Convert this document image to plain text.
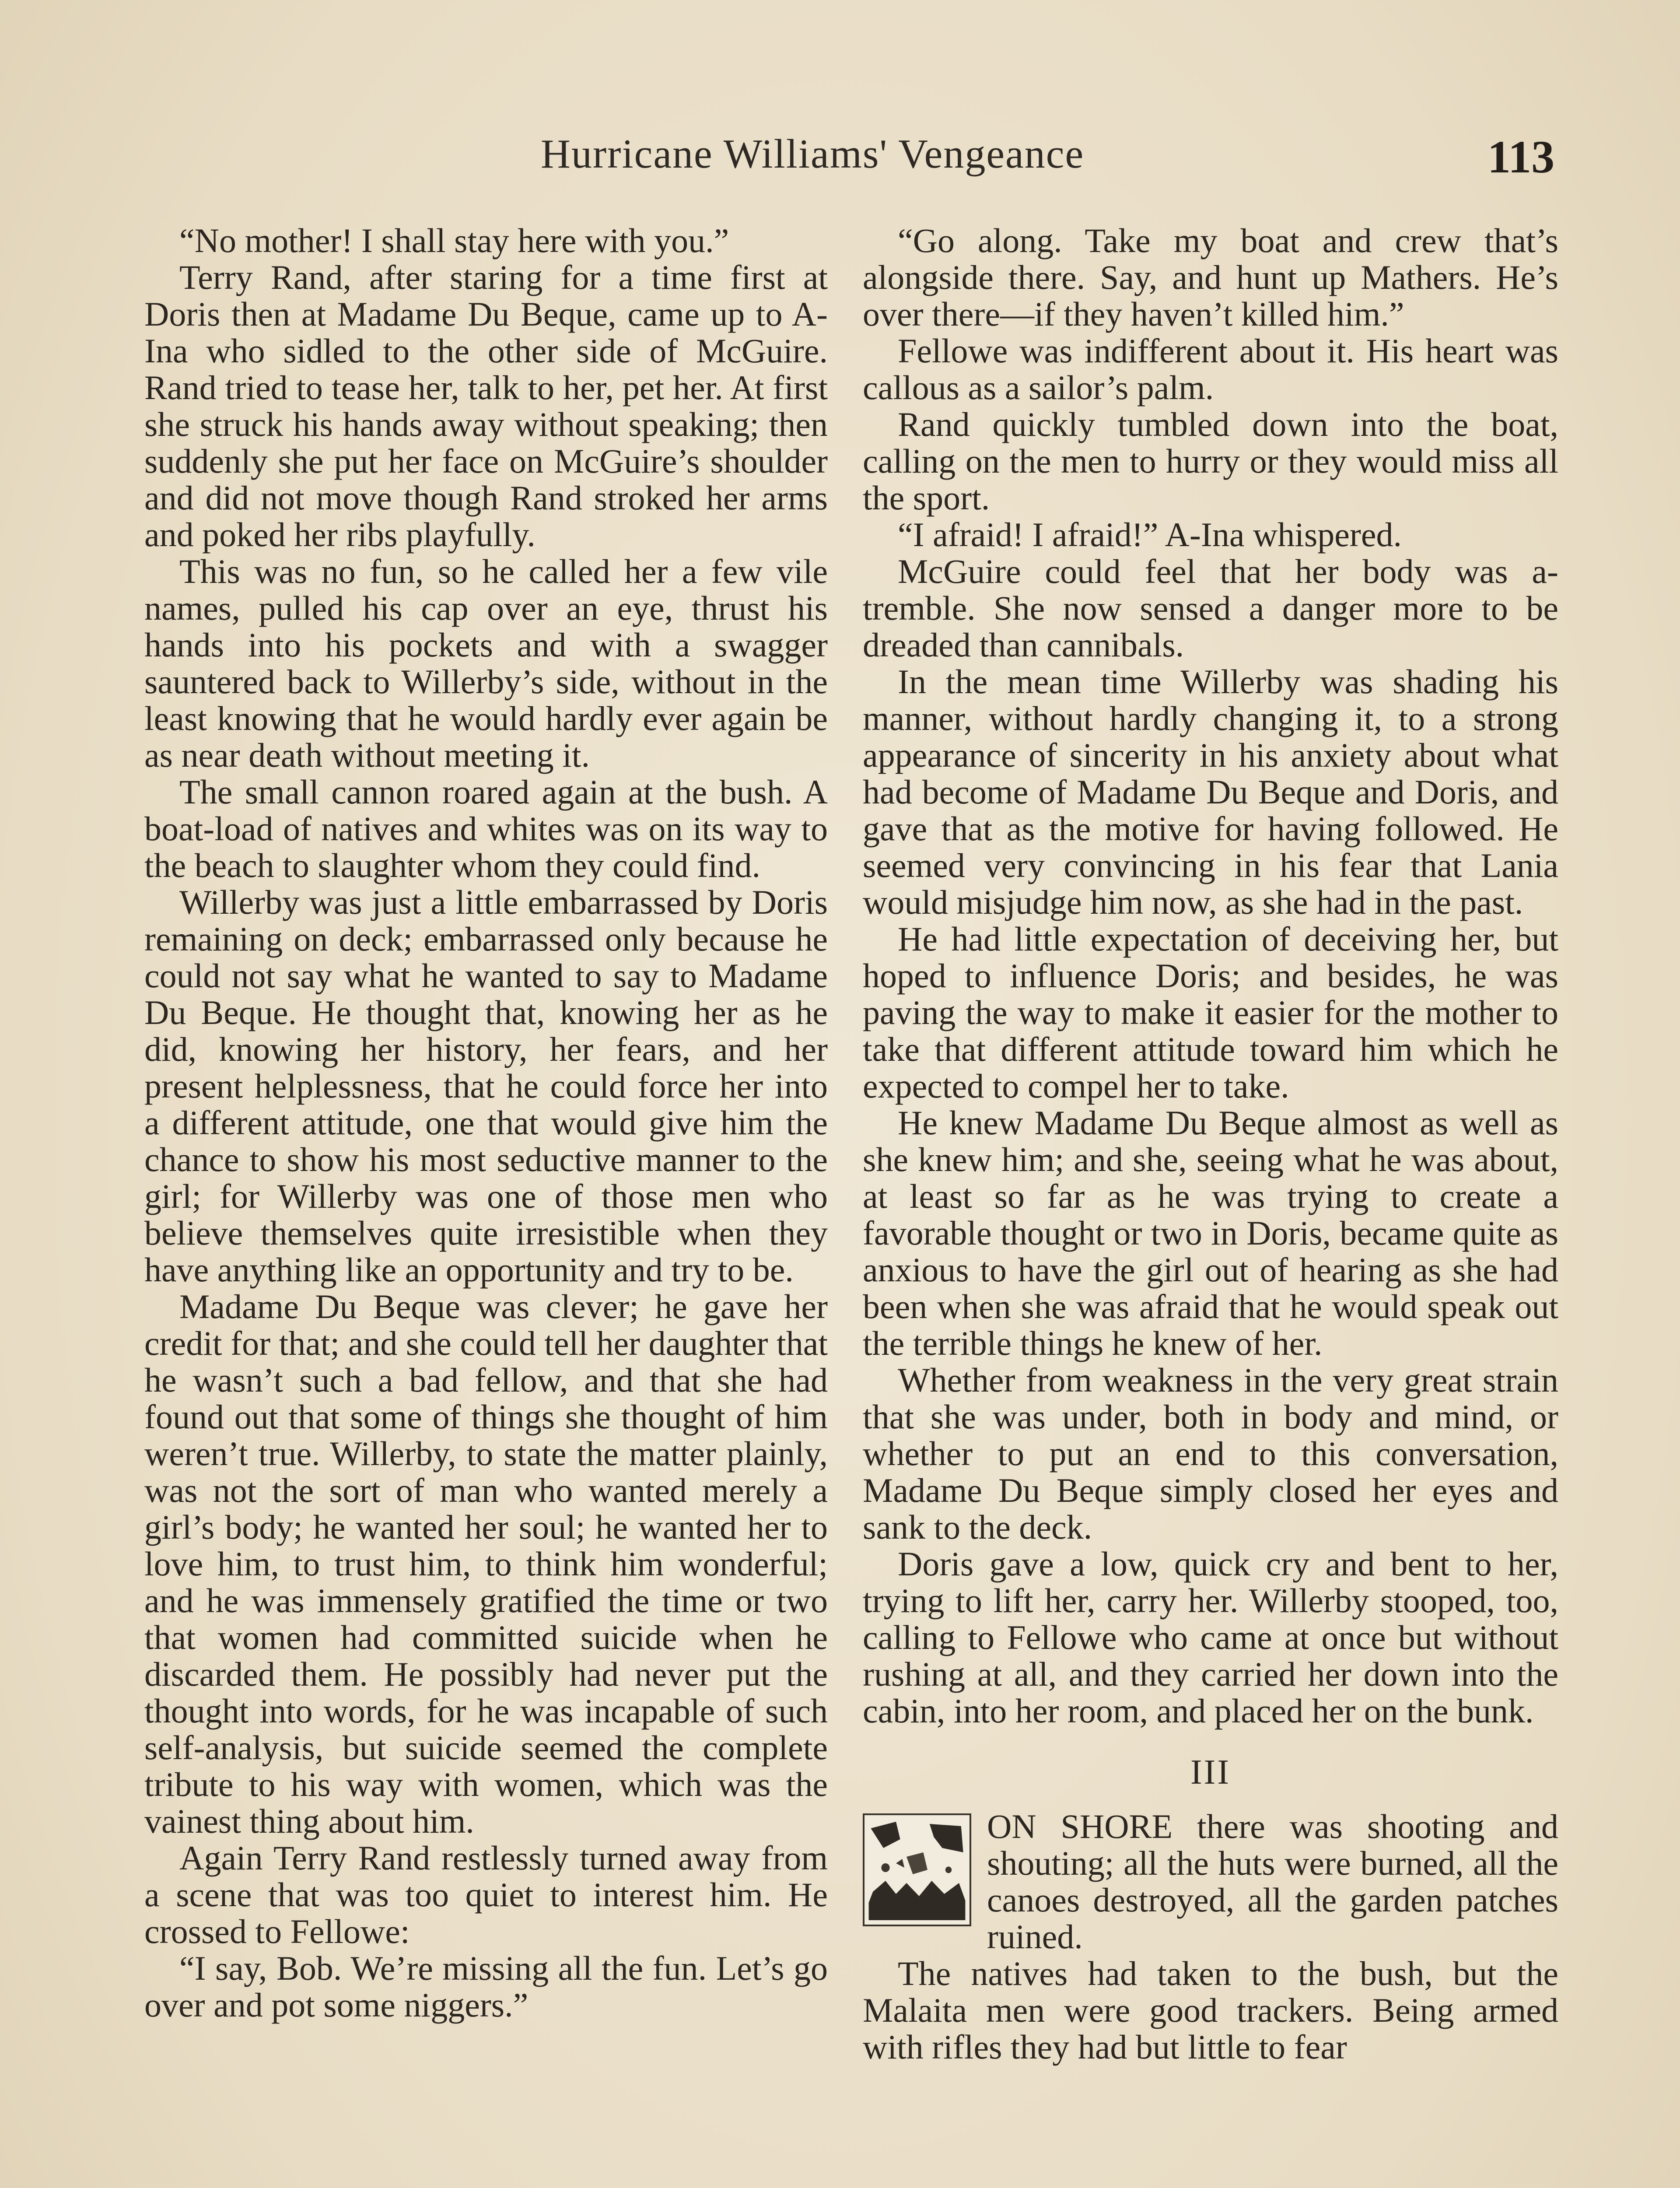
Hurricane Williams' Vengeance	113

“No mother! I shall stay here with you.”

Terry Rand, after staring for a time first at Doris then at Madame Du Beque, came up to A-Ina who sidled to the other side of McGuire. Rand tried to tease her, talk to her, pet her. At first she struck his hands away without speaking; then suddenly she put her face on McGuire’s shoulder and did not move though Rand stroked her arms and poked her ribs playfully.

This was no fun, so he called her a few vile names, pulled his cap over an eye, thrust his hands into his pockets and with a swagger sauntered back to Willerby’s side, without in the least knowing that he would hardly ever again be as near death without meeting it.

The small cannon roared again at the bush. A boat-load of natives and whites was on its way to the beach to slaughter whom they could find.

Willerby was just a little embarrassed by Doris remaining on deck; embarrassed only because he could not say what he wanted to say to Madame Du Beque. He thought that, knowing her as he did, knowing her history, her fears, and her present helplessness, that he could force her into a different attitude, one that would give him the chance to show his most seductive manner to the girl; for Willerby was one of those men who believe themselves quite irresistible when they have anything like an opportunity and try to be.

Madame Du Beque was clever; he gave her credit for that; and she could tell her daughter that he wasn’t such a bad fellow, and that she had found out that some of things she thought of him weren’t true. Willerby, to state the matter plainly, was not the sort of man who wanted merely a girl’s body; he wanted her soul; he wanted her to love him, to trust him, to think him wonderful; and he was immensely gratified the time or two that women had committed suicide when he discarded them. He possibly had never put the thought into words, for he was incapable of such self-analysis, but suicide seemed the complete tribute to his way with women, which was the vainest thing about him.

Again Terry Rand restlessly turned away from a scene that was too quiet to interest him. He crossed to Fellowe:

“I say, Bob. We’re missing all the fun. Let’s go over and pot some niggers.”

“Go along. Take my boat and crew that’s alongside there. Say, and hunt up Mathers. He’s over there—if they haven’t killed him.”

Fellowe was indifferent about it. His heart was callous as a sailor’s palm.

Rand quickly tumbled down into the boat, calling on the men to hurry or they would miss all the sport.

“I afraid! I afraid!” A-Ina whispered.

McGuire could feel that her body was a-tremble. She now sensed a danger more to be dreaded than cannibals.

In the mean time Willerby was shading his manner, without hardly changing it, to a strong appearance of sincerity in his anxiety about what had become of Madame Du Beque and Doris, and gave that as the motive for having followed. He seemed very convincing in his fear that Lania would misjudge him now, as she had in the past.

He had little expectation of deceiving her, but hoped to influence Doris; and besides, he was paving the way to make it easier for the mother to take that different attitude toward him which he expected to compel her to take.

He knew Madame Du Beque almost as well as she knew him; and she, seeing what he was about, at least so far as he was trying to create a favorable thought or two in Doris, became quite as anxious to have the girl out of hearing as she had been when she was afraid that he would speak out the terrible things he knew of her.

Whether from weakness in the very great strain that she was under, both in body and mind, or whether to put an end to this conversation, Madame Du Beque simply closed her eyes and sank to the deck.

Doris gave a low, quick cry and bent to her, trying to lift her, carry her. Willerby stooped, too, calling to Fellowe who came at once but without rushing at all, and they carried her down into the cabin, into her room, and placed her on the bunk.

III

ON SHORE there was shooting and shouting; all the huts were burned, all the canoes destroyed, all the garden patches ruined.

The natives had taken to the bush, but the Malaita men were good trackers. Being armed with rifles they had but little to fear
